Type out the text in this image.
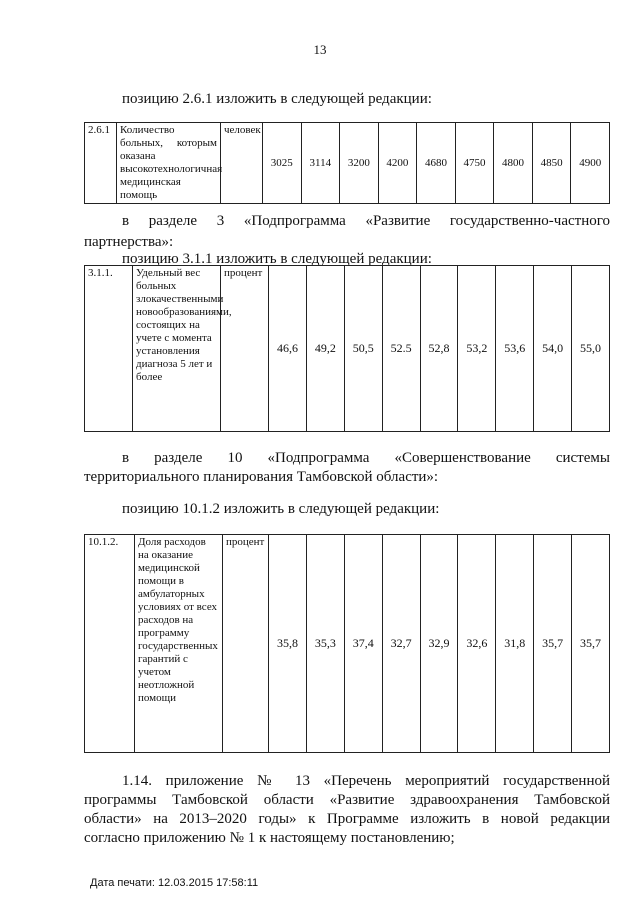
13
позицию 2.6.1 изложить в следующей редакции:
2.6.1	Количество больных, которым оказана высокотехнологичная медицинская помощь	человек	3025	3114	3200	4200	4680	4750	4800	4850	4900
в разделе 3 «Подпрограмма «Развитие государственно-частного
партнерства»:
позицию 3.1.1 изложить в следующей редакции:
3.1.1.	Удельный вес больных злокачественными новообразованиями, состоящих на учете с момента установления диагноза 5 лет и более	процент	46,6	49,2	50,5	52.5	52,8	53,2	53,6	54,0	55,0
в разделе 10 «Подпрограмма «Совершенствование системы
территориального планирования Тамбовской области»:
позицию 10.1.2 изложить в следующей редакции:
10.1.2.	Доля расходов на оказание медицинской помощи в амбулаторных условиях от всех расходов на программу государственных гарантий с учетом неотложной помощи	процент	35,8	35,3	37,4	32,7	32,9	32,6	31,8	35,7	35,7
1.14. приложение № 13 «Перечень мероприятий государственной
программы Тамбовской области «Развитие здравоохранения Тамбовской
области» на 2013–2020 годы» к Программе изложить в новой редакции
согласно приложению № 1 к настоящему постановлению;
Дата печати: 12.03.2015 17:58:11
